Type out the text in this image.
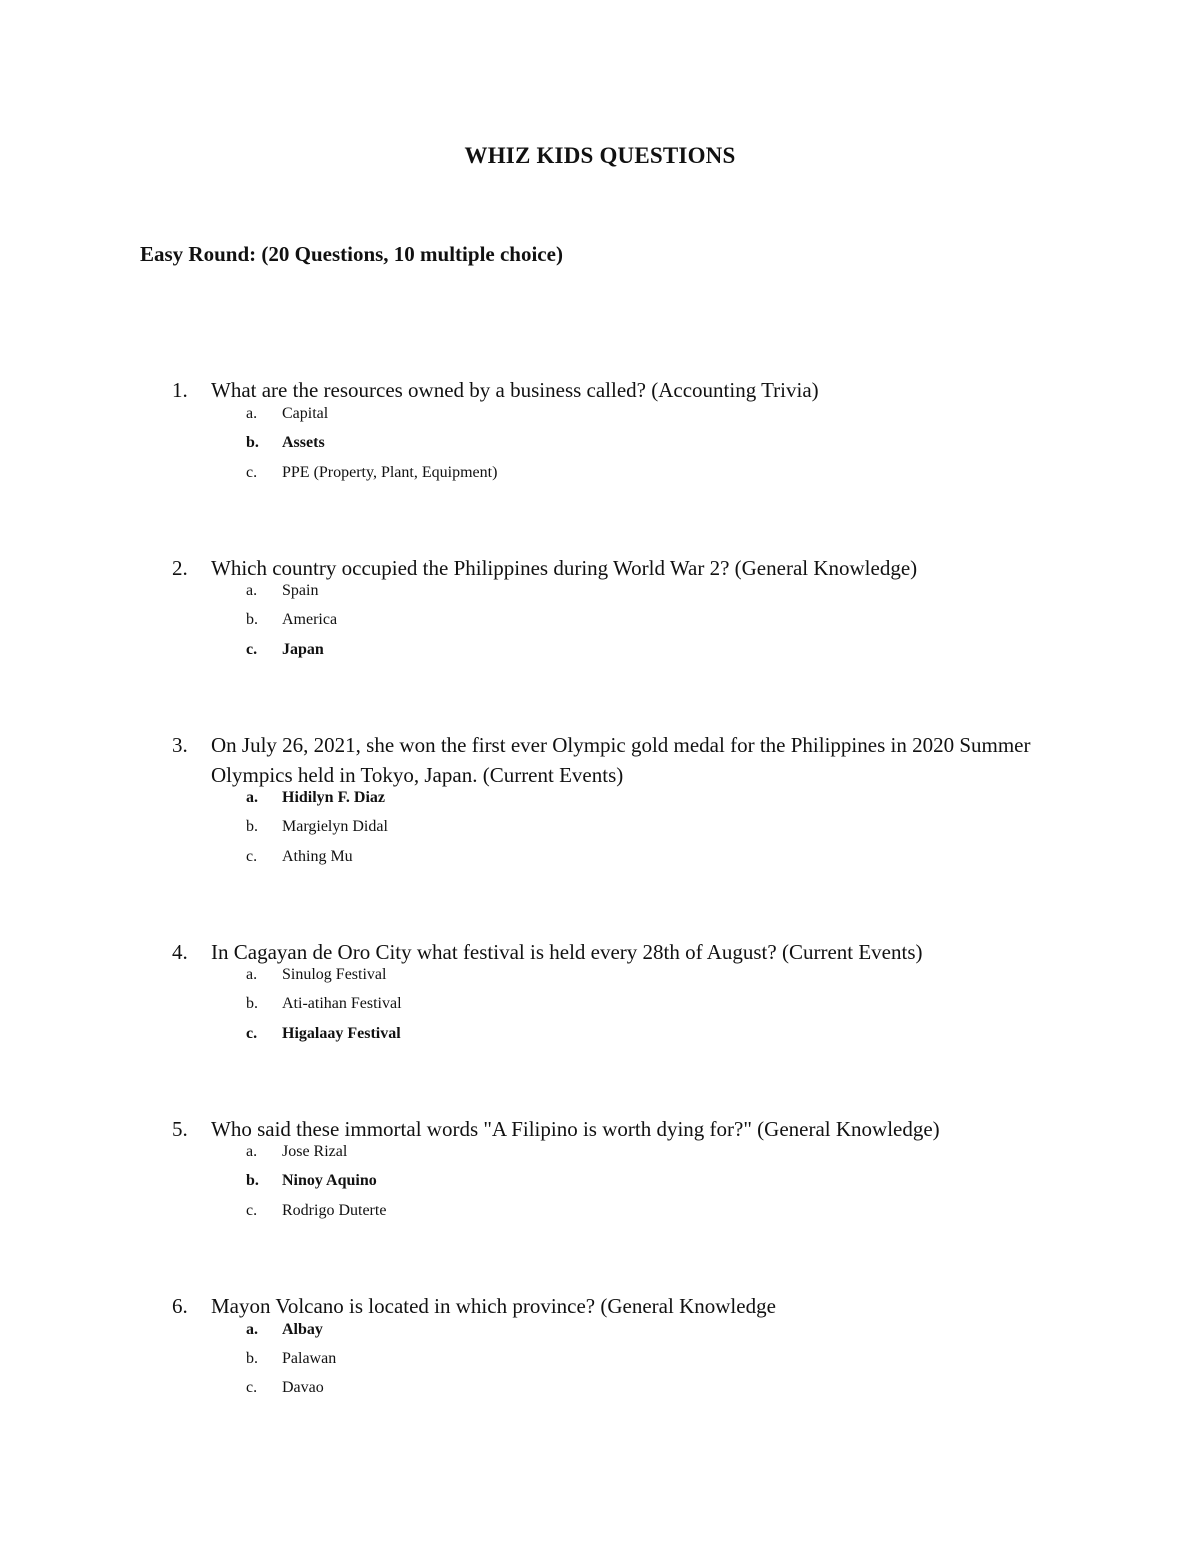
WHIZ KIDS QUESTIONS
Easy Round: (20 Questions, 10 multiple choice)
1.	What are the resources owned by a business called? (Accounting Trivia)
a. Capital
b. Assets
c. PPE (Property, Plant, Equipment)
2.	Which country occupied the Philippines during World War 2? (General Knowledge)
a. Spain
b. America
c. Japan
3.	On July 26, 2021, she won the first ever Olympic gold medal for the Philippines in 2020 Summer Olympics held in Tokyo, Japan. (Current Events)
a. Hidilyn F. Diaz
b. Margielyn Didal
c. Athing Mu
4.	In Cagayan de Oro City what festival is held every 28th of August? (Current Events)
a. Sinulog Festival
b. Ati-atihan Festival
c. Higalaay Festival
5.	Who said these immortal words "A Filipino is worth dying for?" (General Knowledge)
a. Jose Rizal
b. Ninoy Aquino
c. Rodrigo Duterte
6.	Mayon Volcano is located in which province? (General Knowledge
a. Albay
b. Palawan
c. Davao
